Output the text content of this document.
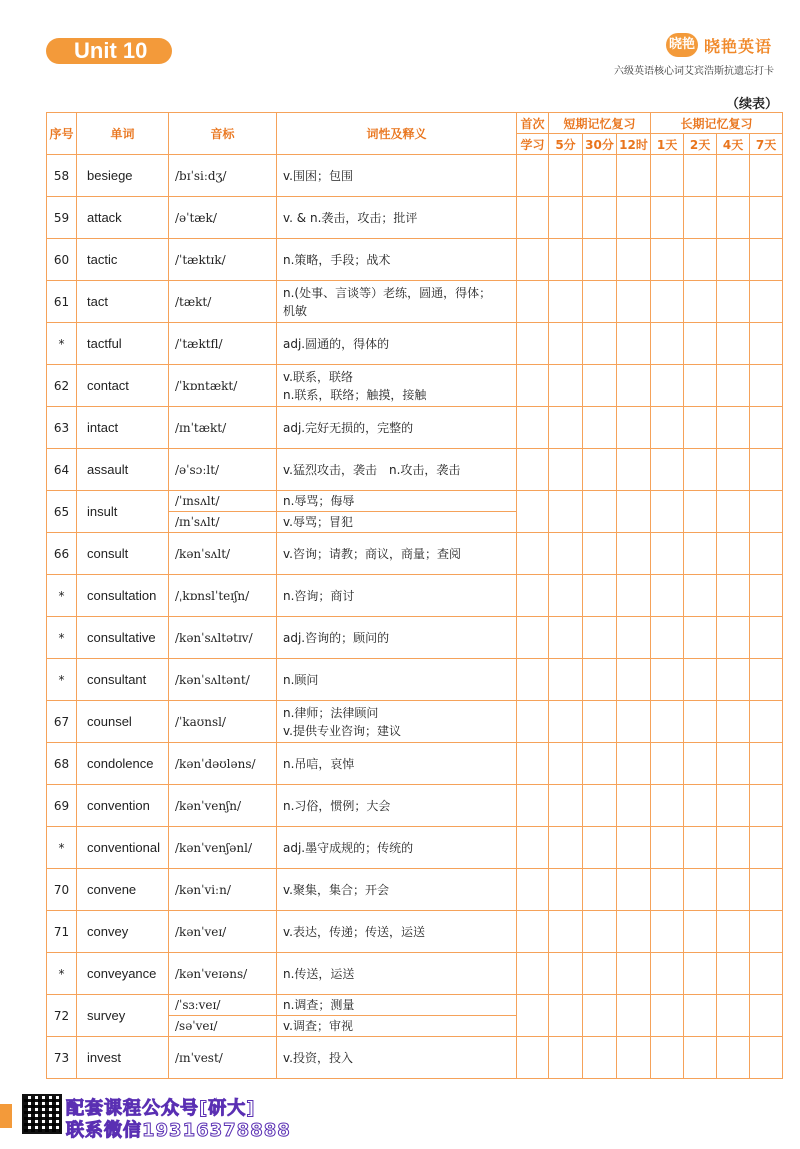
Unit 10	晓艳 晓艳英语
六级英语核心词艾宾浩斯抗遗忘打卡
（续表）
序号	单词	音标	词性及释义	首次	短期记忆复习			长期记忆复习			
				学习	5分	30分	12时	1天	2天	4天	7天
58	besiege	/bɪˈsiːdʒ/	v.围困；包围								

59	attack	/əˈtæk/	v. & n.袭击，攻击；批评								

60	tactic	/ˈtæktɪk/	n.策略，手段；战术								

61	tact	/tækt/	n.(处事、言谈等）老练，圆通，得体；
机敏								

*	tactful	/ˈtæktfl/	adj.圆通的，得体的								

62	contact	/ˈkɒntækt/	v.联系，联络
n.联系，联络；触摸，接触								

63	intact	/ɪnˈtækt/	adj.完好无损的，完整的								

64	assault	/əˈsɔːlt/	v.猛烈攻击，袭击　n.攻击，袭击								

65	insult	/ˈɪnsʌlt/	n.辱骂；侮辱								

		/ɪnˈsʌlt/	v.辱骂；冒犯								

66	consult	/kənˈsʌlt/	v.咨询；请教；商议，商量；查阅								

*	consultation	/ˌkɒnslˈteɪʃn/	n.咨询；商讨								

*	consultative	/kənˈsʌltətɪv/	adj.咨询的；顾问的								

*	consultant	/kənˈsʌltənt/	n.顾问								

67	counsel	/ˈkaʊnsl/	n.律师；法律顾问
v.提供专业咨询；建议								

68	condolence	/kənˈdəʊləns/	n.吊唁，哀悼								

69	convention	/kənˈvenʃn/	n.习俗，惯例；大会								

*	conventional	/kənˈvenʃənl/	adj.墨守成规的；传统的								

70	convene	/kənˈviːn/	v.聚集，集合；开会								

71	convey	/kənˈveɪ/	v.表达，传递；传送，运送								

*	conveyance	/kənˈveɪəns/	n.传送，运送								

72	survey	/ˈsɜːveɪ/	n.调查；测量								

		/səˈveɪ/	v.调查；审视								

73	invest	/ɪnˈvest/	v.投资，投入								

配套课程公众号[研大]
联系微信19316378888
